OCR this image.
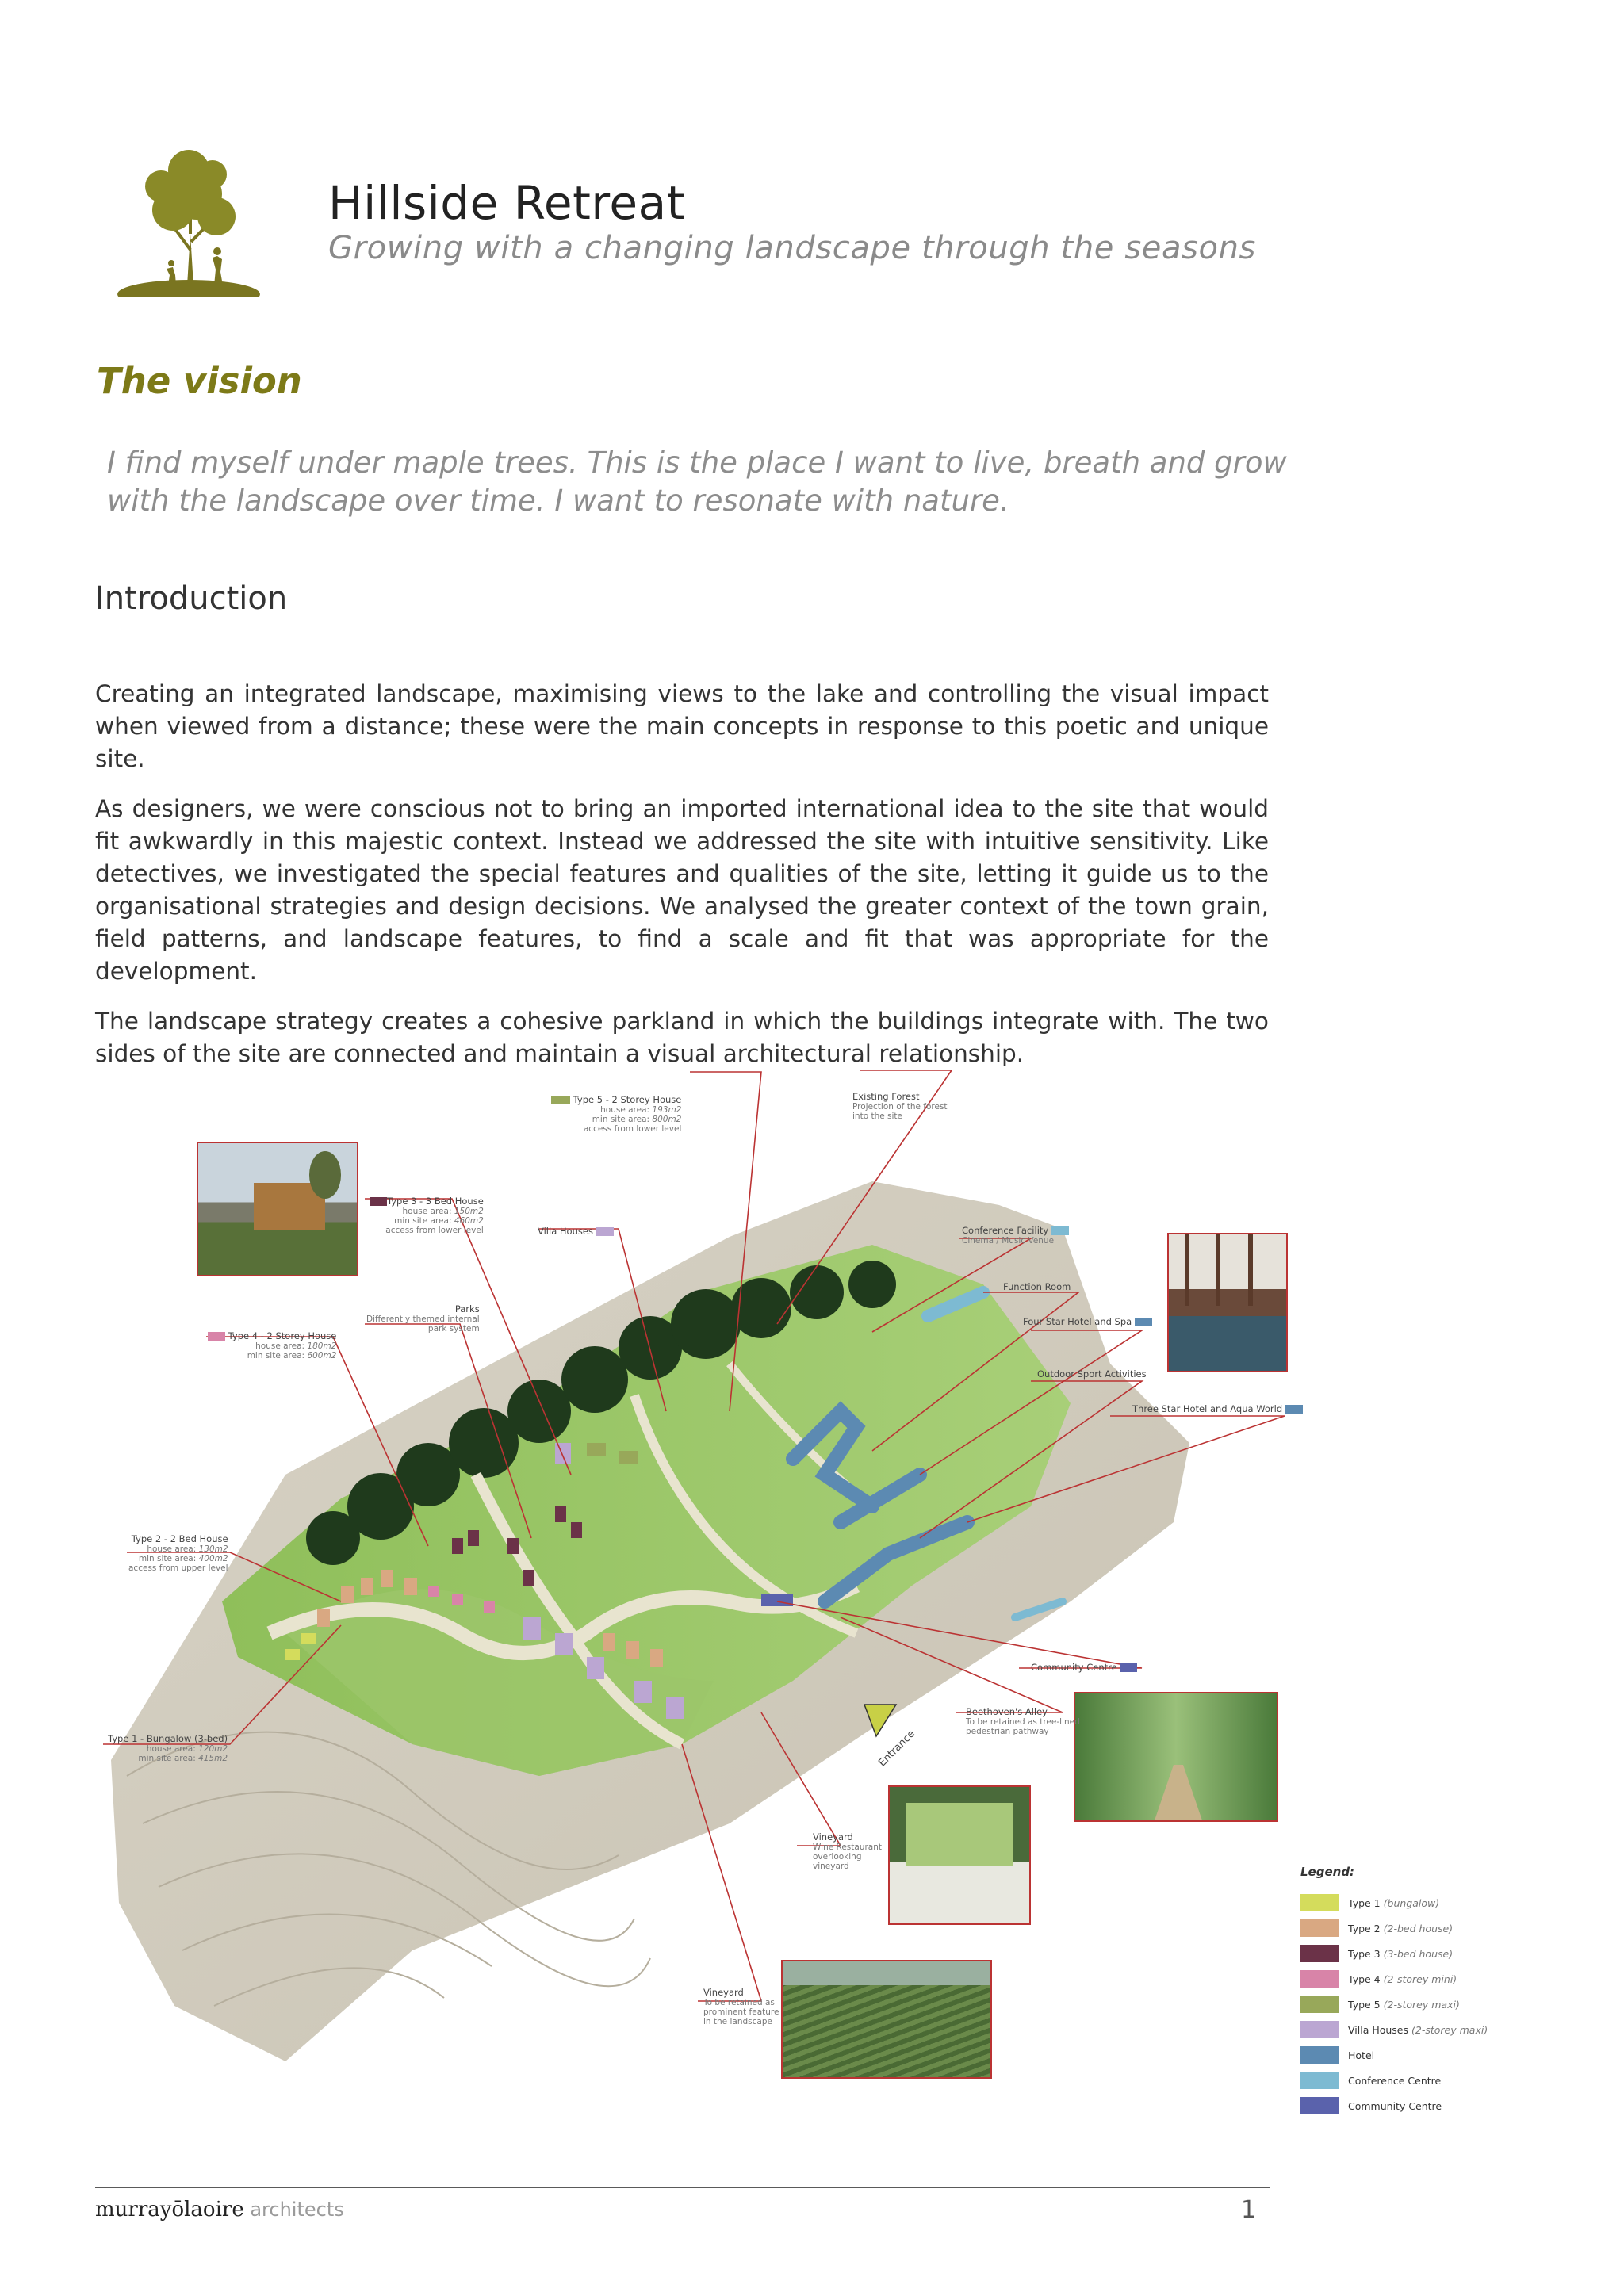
Hillside Retreat
Growing with a changing landscape through the seasons
The vision
I find myself under maple trees. This is the place I want to live, breath and grow with the landscape over time. I want to resonate with nature.
Introduction

Creating an integrated landscape, maximising views to the lake and controlling the visual impact when viewed from a distance; these were the main concepts in response to this poetic and unique site.

As designers, we were conscious not to bring an imported international idea to the site that would fit awkwardly in this majestic context. Instead we addressed the site with intuitive sensitivity. Like detectives, we investigated the special features and qualities of the site, letting it guide us to the organisational strategies and design decisions. We analysed the greater context of the town grain, field patterns, and landscape features, to find a scale and fit that was appropriate for the development.

The landscape strategy creates a cohesive parkland in which the buildings integrate with. The two sides of the site are connected and maintain a visual architectural relationship.

Type 5 - 2 Storey House
house area: 193m2
min site area: 800m2
access from lower level
Existing Forest
Projection of the forest
into the site
Type 3 - 3 Bed House
house area: 150m2
min site area: 460m2
access from lower level	Villa Houses	Conference Facility
Cinema / Music Venue
Function Room
Four Star Hotel and Spa
Parks
Differently themed internal
park system
Type 4 - 2 Storey House
house area: 180m2
min site area: 600m2
Outdoor Sport Activities
Three Star Hotel and Aqua World
Type 2 - 2 Bed House
house area: 130m2
min site area: 400m2
access from upper level
Community Centre
Beethoven's Alley
To be retained as tree-lined
pedestrian pathway
Type 1 - Bungalow (3-bed)
house area: 120m2
min site area: 415m2	Entrance
Vineyard
Wine Restaurant
overlooking
vineyard
Vineyard
To be retained as
prominent feature
in the landscape
Legend:
Type 1 (bungalow)
Type 2 (2-bed house)
Type 3 (3-bed house)
Type 4 (2-storey mini)
Type 5 (2-storey maxi)
Villa Houses (2-storey maxi)
Hotel
Conference Centre
Community Centre
murrayōlaoire architects	1
